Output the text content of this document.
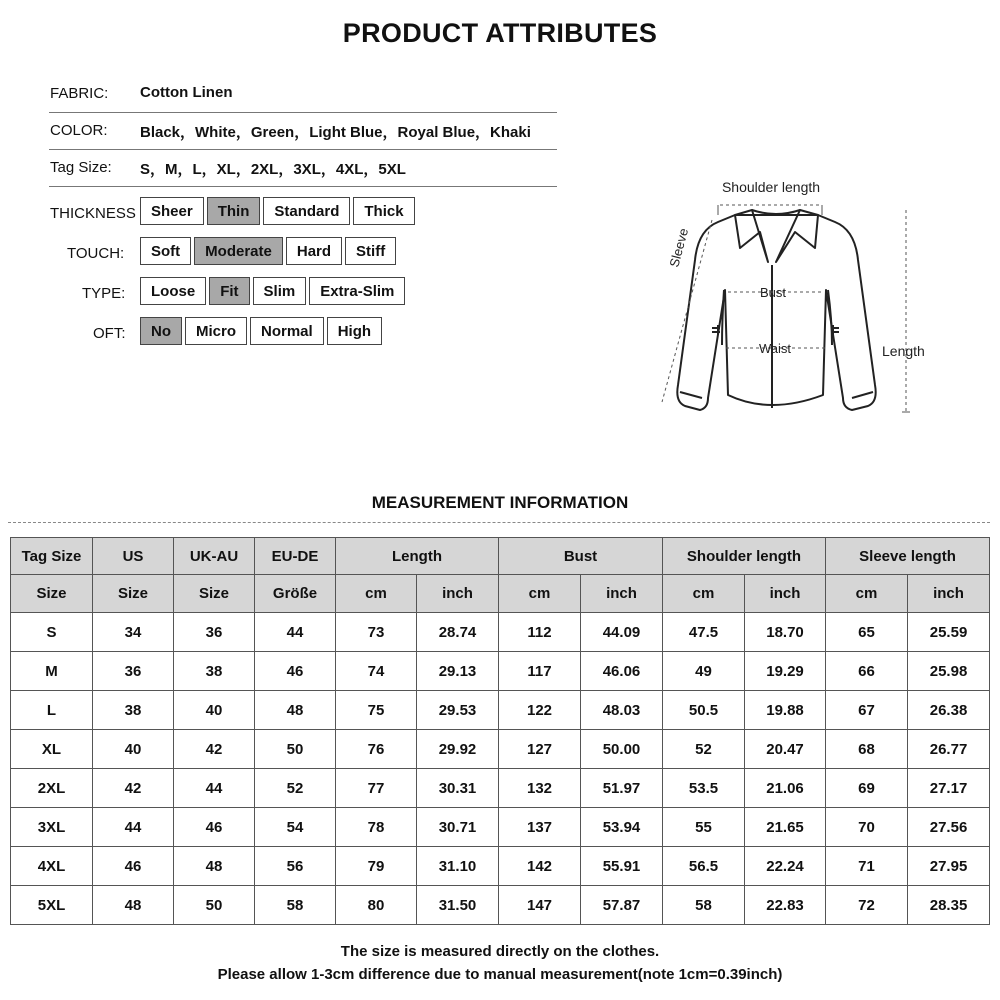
PRODUCT ATTRIBUTES
FABRIC: Cotton Linen
COLOR: Black，White，Green，Light Blue，Royal Blue，Khaki
Tag Size: S，M，L，XL，2XL，3XL，4XL，5XL
THICKNESS	Sheer	Thin	Standard	Thick
TOUCH:	Soft	Moderate	Hard	Stiff
TYPE:	Loose	Fit	Slim	Extra-Slim
OFT:	No	Micro	Normal	High
Shoulder length
Sleeve
Bust
Waist	Length
MEASUREMENT INFORMATION
Tag Size	US	UK-AU	EU-DE	Length		Bust		Shoulder length		Sleeve length	
Size	Size	Size	Größe	cm	inch	cm	inch	cm	inch	cm	inch
S	34	36	44	73	28.74	112	44.09	47.5	18.70	65	25.59
M	36	38	46	74	29.13	117	46.06	49	19.29	66	25.98
L	38	40	48	75	29.53	122	48.03	50.5	19.88	67	26.38
XL	40	42	50	76	29.92	127	50.00	52	20.47	68	26.77
2XL	42	44	52	77	30.31	132	51.97	53.5	21.06	69	27.17
3XL	44	46	54	78	30.71	137	53.94	55	21.65	70	27.56
4XL	46	48	56	79	31.10	142	55.91	56.5	22.24	71	27.95
5XL	48	50	58	80	31.50	147	57.87	58	22.83	72	28.35
The size is measured directly on the clothes.
Please allow 1-3cm difference due to manual measurement(note 1cm=0.39inch)
